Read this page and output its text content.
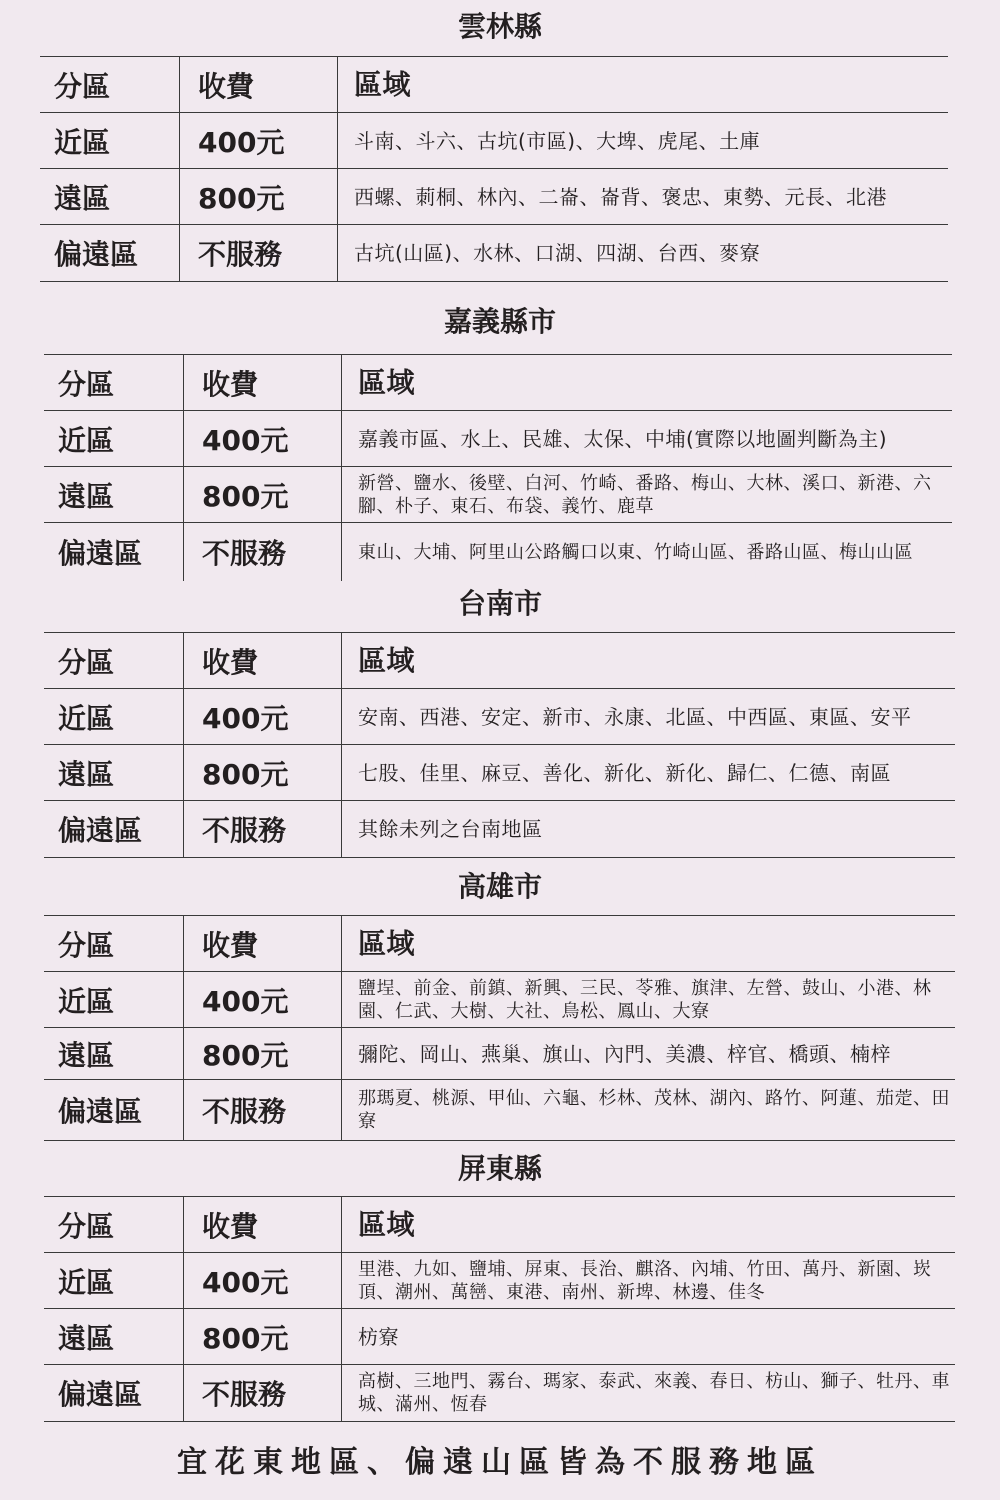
雲林縣
分區	收費	區域
近區	400元	斗南、斗六、古坑(市區)、大埤、虎尾、土庫
遠區	800元	西螺、莿桐、林內、二崙、崙背、褒忠、東勢、元長、北港
偏遠區	不服務	古坑(山區)、水林、口湖、四湖、台西、麥寮
嘉義縣市
分區	收費	區域
近區	400元	嘉義市區、水上、民雄、太保、中埔(實際以地圖判斷為主)
遠區	800元	新營、鹽水、後壁、白河、竹崎、番路、梅山、大林、溪口、新港、六腳、朴子、東石、布袋、義竹、鹿草
偏遠區	不服務	東山、大埔、阿里山公路觸口以東、竹崎山區、番路山區、梅山山區
台南市
分區	收費	區域
近區	400元	安南、西港、安定、新市、永康、北區、中西區、東區、安平
遠區	800元	七股、佳里、麻豆、善化、新化、新化、歸仁、仁德、南區
偏遠區	不服務	其餘未列之台南地區
高雄市
分區	收費	區域
近區	400元	鹽埕、前金、前鎮、新興、三民、苓雅、旗津、左營、鼓山、小港、林園、仁武、大樹、大社、鳥松、鳳山、大寮
遠區	800元	彌陀、岡山、燕巢、旗山、內門、美濃、梓官、橋頭、楠梓
偏遠區	不服務	那瑪夏、桃源、甲仙、六龜、杉林、茂林、湖內、路竹、阿蓮、茄萣、田寮
屏東縣
分區	收費	區域
近區	400元	里港、九如、鹽埔、屏東、長治、麒洛、內埔、竹田、萬丹、新園、崁頂、潮州、萬巒、東港、南州、新埤、林邊、佳冬
遠區	800元	枋寮
偏遠區	不服務	高樹、三地門、霧台、瑪家、泰武、來義、春日、枋山、獅子、牡丹、車城、滿州、恆春
宜花東地區、偏遠山區皆為不服務地區
